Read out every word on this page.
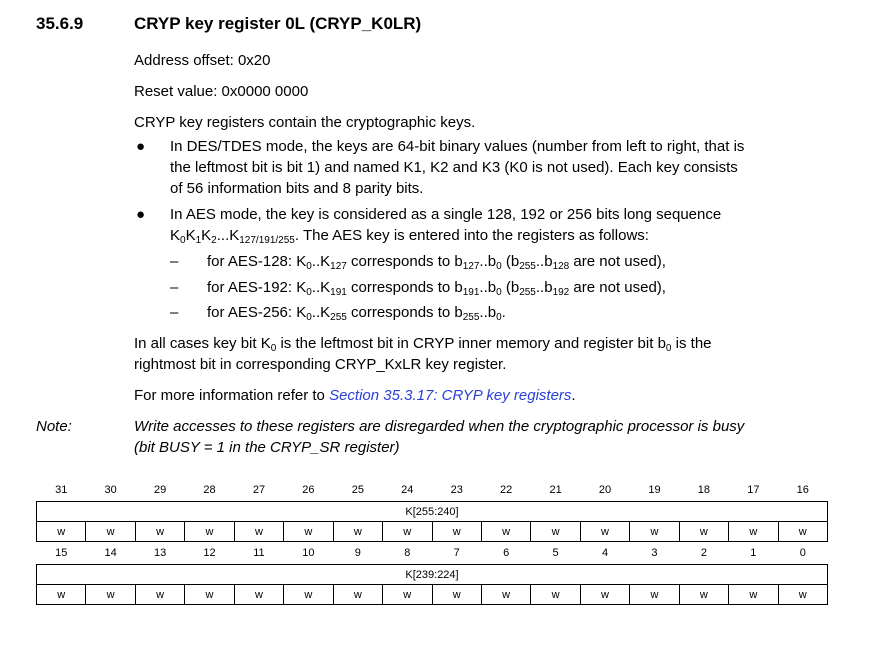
35.6.9	CRYP key register 0L (CRYP_K0LR)
Address offset: 0x20
Reset value: 0x0000 0000
CRYP key registers contain the cryptographic keys.
● In DES/TDES mode, the keys are 64-bit binary values (number from left to right, that is
the leftmost bit is bit 1) and named K1, K2 and K3 (K0 is not used). Each key consists
of 56 information bits and 8 parity bits.
● In AES mode, the key is considered as a single 128, 192 or 256 bits long sequence
$K_0K_1K_2...K_{127/191/255}$. The AES key is entered into the registers as follows:
– for AES-128: $K_0..K_{127}$ corresponds to $b_{127}..b_0$ ($b_{255}..b_{128}$ are not used),
– for AES-192: $K_0..K_{191}$ corresponds to $b_{191}..b_0$ ($b_{255}..b_{192}$ are not used),
– for AES-256: $K_0..K_{255}$ corresponds to $b_{255}..b_0$.
In all cases key bit $K_0$ is the leftmost bit in CRYP inner memory and register bit $b_0$ is the
rightmost bit in corresponding CRYP_KxLR key register.
For more information refer to Section 35.3.17: CRYP key registers.
Note:	Write accesses to these registers are disregarded when the cryptographic processor is busy
(bit BUSY = 1 in the CRYP_SR register)
31	30	29	28	27	26	25	24	23	22	21	20	19	18	17	16
K[255:240]															
w	w	w	w	w	w	w	w	w	w	w	w	w	w	w	w
15	14	13	12	11	10	9	8	7	6	5	4	3	2	1	0
K[239:224]															
w	w	w	w	w	w	w	w	w	w	w	w	w	w	w	w
